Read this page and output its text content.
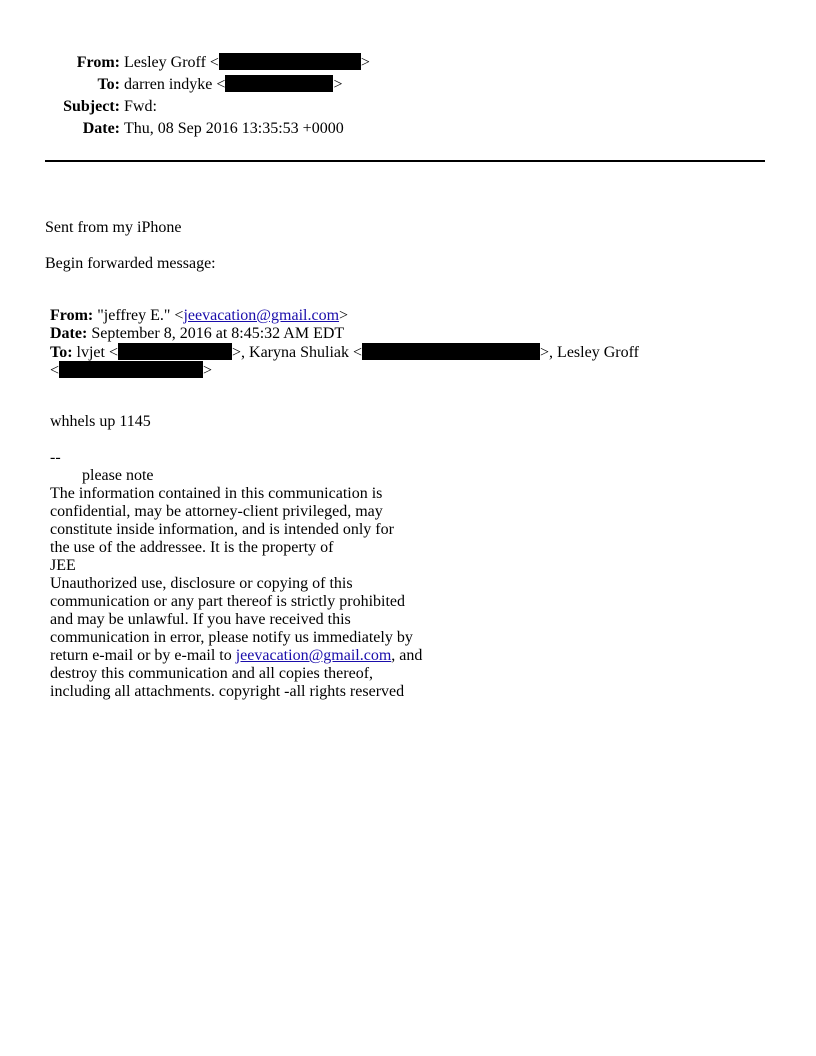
From: Lesley Groff <	>
To: darren indyke <	>
Subject: Fwd:
Date: Thu, 08 Sep 2016 13:35:53 +0000
Sent from my iPhone
Begin forwarded message:
From: "jeffrey E." <jeevacation@gmail.com>
Date: September 8, 2016 at 8:45:32 AM EDT
To: lvjet <	>, Karyna Shuliak <	>, Lesley Groff
<	>
whhels up 1145
--
please note
The information contained in this communication is
confidential, may be attorney-client privileged, may
constitute inside information, and is intended only for
the use of the addressee. It is the property of
JEE
Unauthorized use, disclosure or copying of this
communication or any part thereof is strictly prohibited
and may be unlawful. If you have received this
communication in error, please notify us immediately by
return e-mail or by e-mail to jeevacation@gmail.com, and
destroy this communication and all copies thereof,
including all attachments. copyright -all rights reserved
